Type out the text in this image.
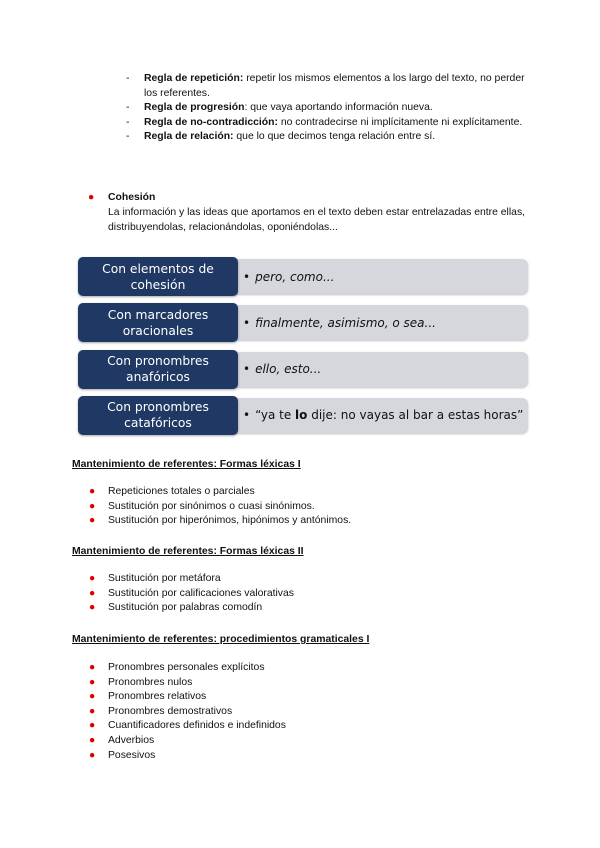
- Regla de repetición: repetir los mismos elementos a los largo del texto, no perder los referentes.
- Regla de progresión: que vaya aportando información nueva.
- Regla de no-contradicción: no contradecirse ni implícitamente ni explícitamente.
- Regla de relación: que lo que decimos tenga relación entre sí.
●	Cohesión
La información y las ideas que aportamos en el texto deben estar entrelazadas entre ellas, distribuyendolas, relacionándolas, oponiéndolas...
Con elementos de cohesión
• pero, como...
Con marcadores oracionales
• finalmente, asimismo, o sea...
Con pronombres anafóricos
• ello, esto...
Con pronombres catafóricos
• “ya te lo dije: no vayas al bar a estas horas”
Mantenimiento de referentes: Formas léxicas I
● Repeticiones totales o parciales
● Sustitución por sinónimos o cuasi sinónimos.
● Sustitución por hiperónimos, hipónimos y antónimos.
Mantenimiento de referentes: Formas léxicas II
● Sustitución por metáfora
● Sustitución por calificaciones valorativas
● Sustitución por palabras comodín
Mantenimiento de referentes: procedimientos gramaticales I
● Pronombres personales explícitos
● Pronombres nulos
● Pronombres relativos
● Pronombres demostrativos
● Cuantificadores definidos e indefinidos
● Adverbios
● Posesivos
